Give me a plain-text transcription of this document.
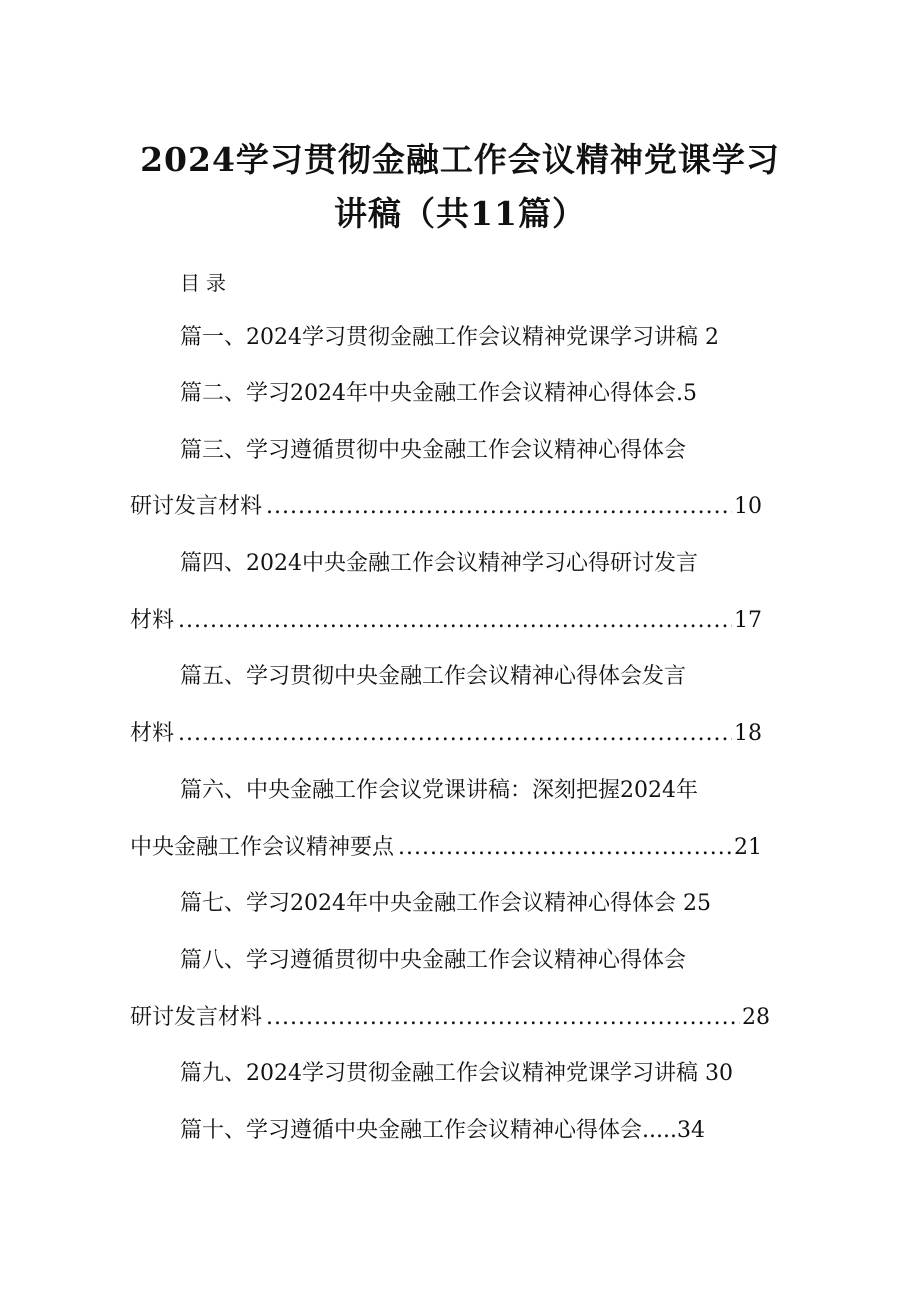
2024学习贯彻金融工作会议精神党课学习
讲稿（共11篇）
目录
篇一、2024学习贯彻金融工作会议精神党课学习讲稿 2
篇二、学习2024年中央金融工作会议精神心得体会.5
篇三、学习遵循贯彻中央金融工作会议精神心得体会
研讨发言材料 .....	10
篇四、2024中央金融工作会议精神学习心得研讨发言
材料 .....	17
篇五、学习贯彻中央金融工作会议精神心得体会发言
材料 .....	18
篇六、中央金融工作会议党课讲稿：深刻把握2024年
中央金融工作会议精神要点 .....	21
篇七、学习2024年中央金融工作会议精神心得体会 25
篇八、学习遵循贯彻中央金融工作会议精神心得体会
研讨发言材料 .....	28
篇九、2024学习贯彻金融工作会议精神党课学习讲稿 30
篇十、学习遵循中央金融工作会议精神心得体会.....34
